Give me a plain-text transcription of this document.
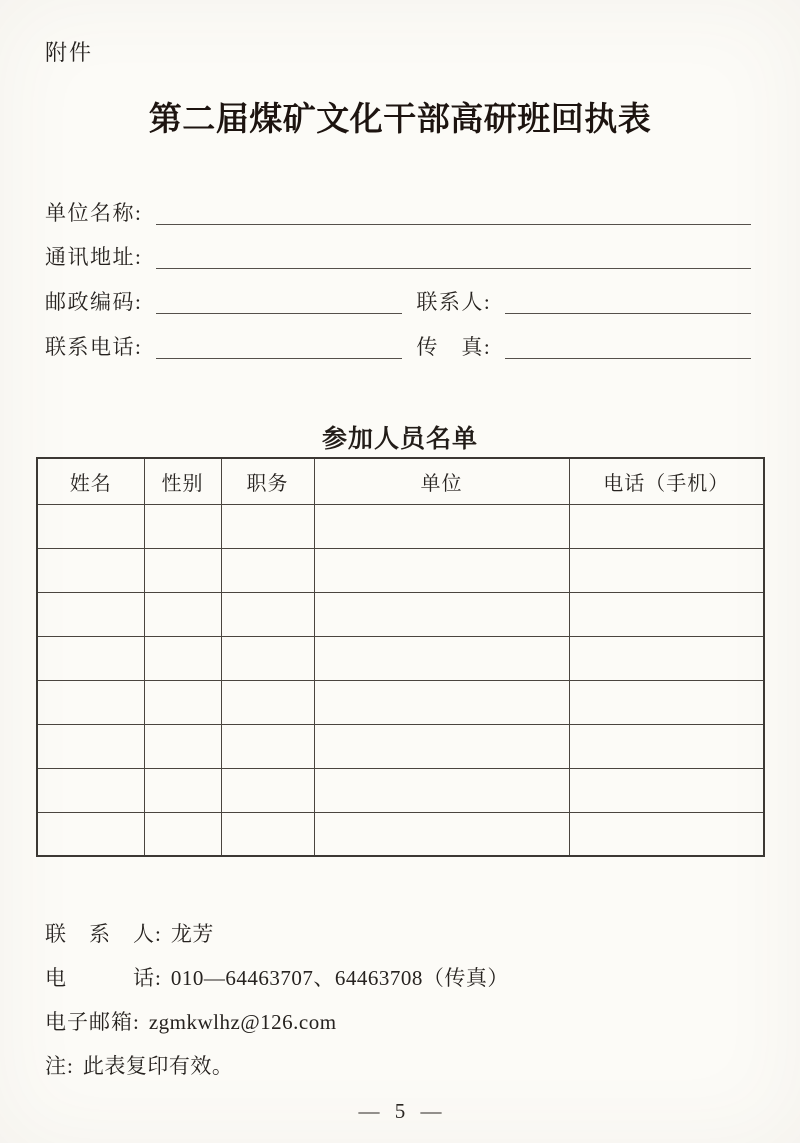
附件
第二届煤矿文化干部高研班回执表
单位名称:
通讯地址:
邮政编码:	联系人:
联系电话:	传　真:
参加人员名单
姓名	性别	职务	单位	电话（手机）

联　系　人: 龙芳
电　　　话: 010—64463707、64463708（传真）
电子邮箱: zgmkwlhz@126.com
注: 此表复印有效。
— 5 —
